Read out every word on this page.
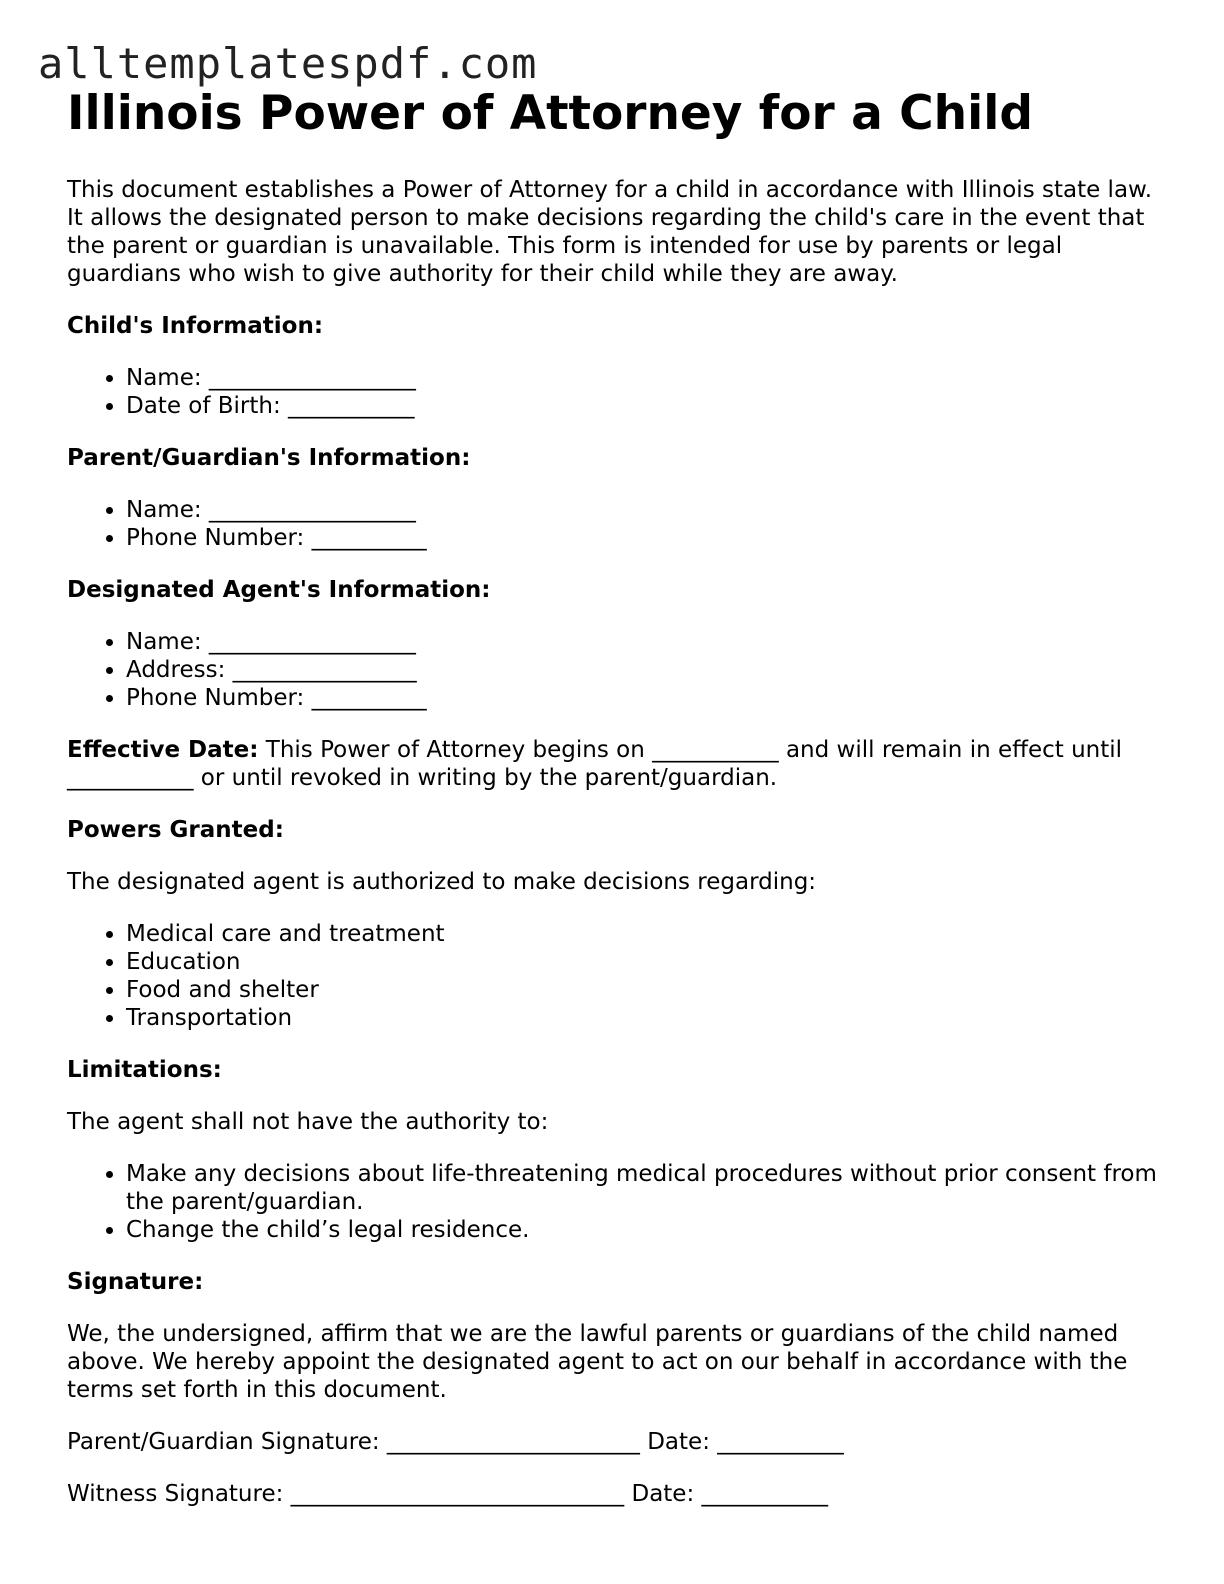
alltemplatespdf.com
Illinois Power of Attorney for a Child

This document establishes a Power of Attorney for a child in accordance with Illinois state law. It allows the designated person to make decisions regarding the child's care in the event that the parent or guardian is unavailable. This form is intended for use by parents or legal guardians who wish to give authority for their child while they are away.

Child's Information:
• Name: __________________
• Date of Birth: ___________
Parent/Guardian's Information:
• Name: __________________
• Phone Number: __________
Designated Agent's Information:
• Name: __________________
• Address: ________________
• Phone Number: __________

Effective Date: This Power of Attorney begins on ___________ and will remain in effect until ___________ or until revoked in writing by the parent/guardian.

Powers Granted:

The designated agent is authorized to make decisions regarding:

• Medical care and treatment
• Education
• Food and shelter
• Transportation
Limitations:

The agent shall not have the authority to:

• Make any decisions about life-threatening medical procedures without prior consent from the parent/guardian.
• Change the child’s legal residence.
Signature:

We, the undersigned, affirm that we are the lawful parents or guardians of the child named above. We hereby appoint the designated agent to act on our behalf in accordance with the terms set forth in this document.

Parent/Guardian Signature: ______________________ Date: ___________

Witness Signature: _____________________________ Date: ___________
